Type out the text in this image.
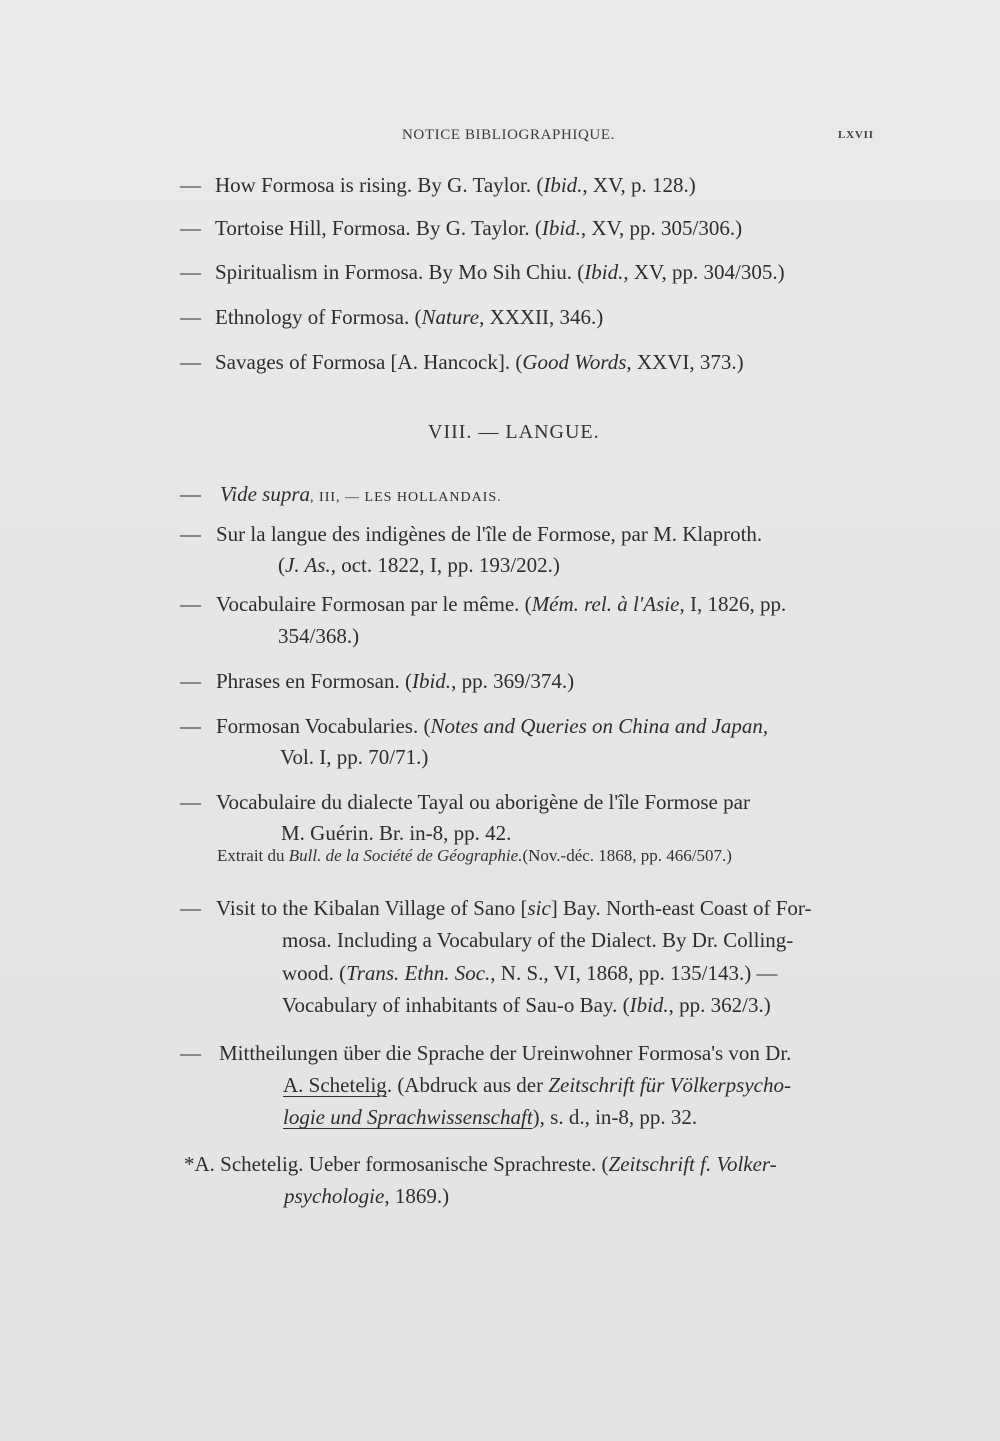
NOTICE BIBLIOGRAPHIQUE.	LXVII
— How Formosa is rising. By G. Taylor. (Ibid., XV, p. 128.)
— Tortoise Hill, Formosa. By G. Taylor. (Ibid., XV, pp. 305/306.)
— Spiritualism in Formosa. By Mo Sih Chiu. (Ibid., XV, pp. 304/305.)
— Ethnology of Formosa. (Nature, XXXII, 346.)
— Savages of Formosa [A. Hancock]. (Good Words, XXVI, 373.)
VIII. — LANGUE.
— Vide supra, III, — LES HOLLANDAIS.
— Sur la langue des indigènes de l'île de Formose, par M. Klaproth.
(J. As., oct. 1822, I, pp. 193/202.)
— Vocabulaire Formosan par le même. (Mém. rel. à l'Asie, I, 1826, pp.
354/368.)
— Phrases en Formosan. (Ibid., pp. 369/374.)
— Formosan Vocabularies. (Notes and Queries on China and Japan,
Vol. I, pp. 70/71.)
— Vocabulaire du dialecte Tayal ou aborigène de l'île Formose par
M. Guérin. Br. in-8, pp. 42.
Extrait du Bull. de la Société de Géographie.(Nov.-déc. 1868, pp. 466/507.)
— Visit to the Kibalan Village of Sano [sic] Bay. North-east Coast of For-
mosa. Including a Vocabulary of the Dialect. By Dr. Colling-
wood. (Trans. Ethn. Soc., N. S., VI, 1868, pp. 135/143.) —
Vocabulary of inhabitants of Sau-o Bay. (Ibid., pp. 362/3.)
— Mittheilungen über die Sprache der Ureinwohner Formosa's von Dr.
A. Schetelig. (Abdruck aus der Zeitschrift für Völkerpsycho-
logie und Sprachwissenschaft), s. d., in-8, pp. 32.
*A. Schetelig. Ueber formosanische Sprachreste. (Zeitschrift f. Volker-
psychologie, 1869.)
